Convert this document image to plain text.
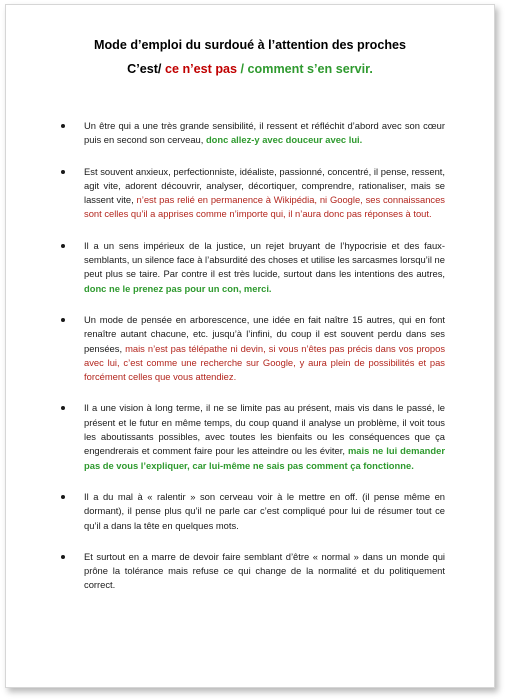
Mode d’emploi du surdoué à l’attention des proches
C’est/ ce n’est pas / comment s’en servir.
Un être qui a une très grande sensibilité, il ressent et réfléchit d’abord avec son cœur puis en second son cerveau, donc allez-y avec douceur avec lui.
Est souvent anxieux, perfectionniste, idéaliste, passionné, concentré, il pense, ressent, agit vite, adorent découvrir, analyser, décortiquer, comprendre, rationaliser, mais se lassent vite, n’est pas relié en permanence à Wikipédia, ni Google, ses connaissances sont celles qu’il a apprises comme n’importe qui, il n’aura donc pas réponses à tout.
Il a un sens impérieux de la justice, un rejet bruyant de l’hypocrisie et des faux-semblants, un silence face à l’absurdité des choses et utilise les sarcasmes lorsqu’il ne peut plus se taire. Par contre il est très lucide, surtout dans les intentions des autres, donc ne le prenez pas pour un con, merci.
Un mode de pensée en arborescence, une idée en fait naître 15 autres, qui en font renaître autant chacune, etc. jusqu’à l’infini, du coup il est souvent perdu dans ses pensées, mais n’est pas télépathe ni devin, si vous n’êtes pas précis dans vos propos avec lui, c’est comme une recherche sur Google, y aura plein de possibilités et pas forcément celles que vous attendiez.
Il a une vision à long terme, il ne se limite pas au présent, mais vis dans le passé, le présent et le futur en même temps, du coup quand il analyse un problème, il voit tous les aboutissants possibles, avec toutes les bienfaits ou les conséquences que ça engendrerais et comment faire pour les atteindre ou les éviter, mais ne lui demander pas de vous l’expliquer, car lui-même ne sais pas comment ça fonctionne.
Il a du mal à « ralentir » son cerveau voir à le mettre en off. (il pense même en dormant), il pense plus qu’il ne parle car c’est compliqué pour lui de résumer tout ce qu’il a dans la tête en quelques mots.
Et surtout en a marre de devoir faire semblant d’être « normal » dans un monde qui prône la tolérance mais refuse ce qui change de la normalité et du politiquement correct.
